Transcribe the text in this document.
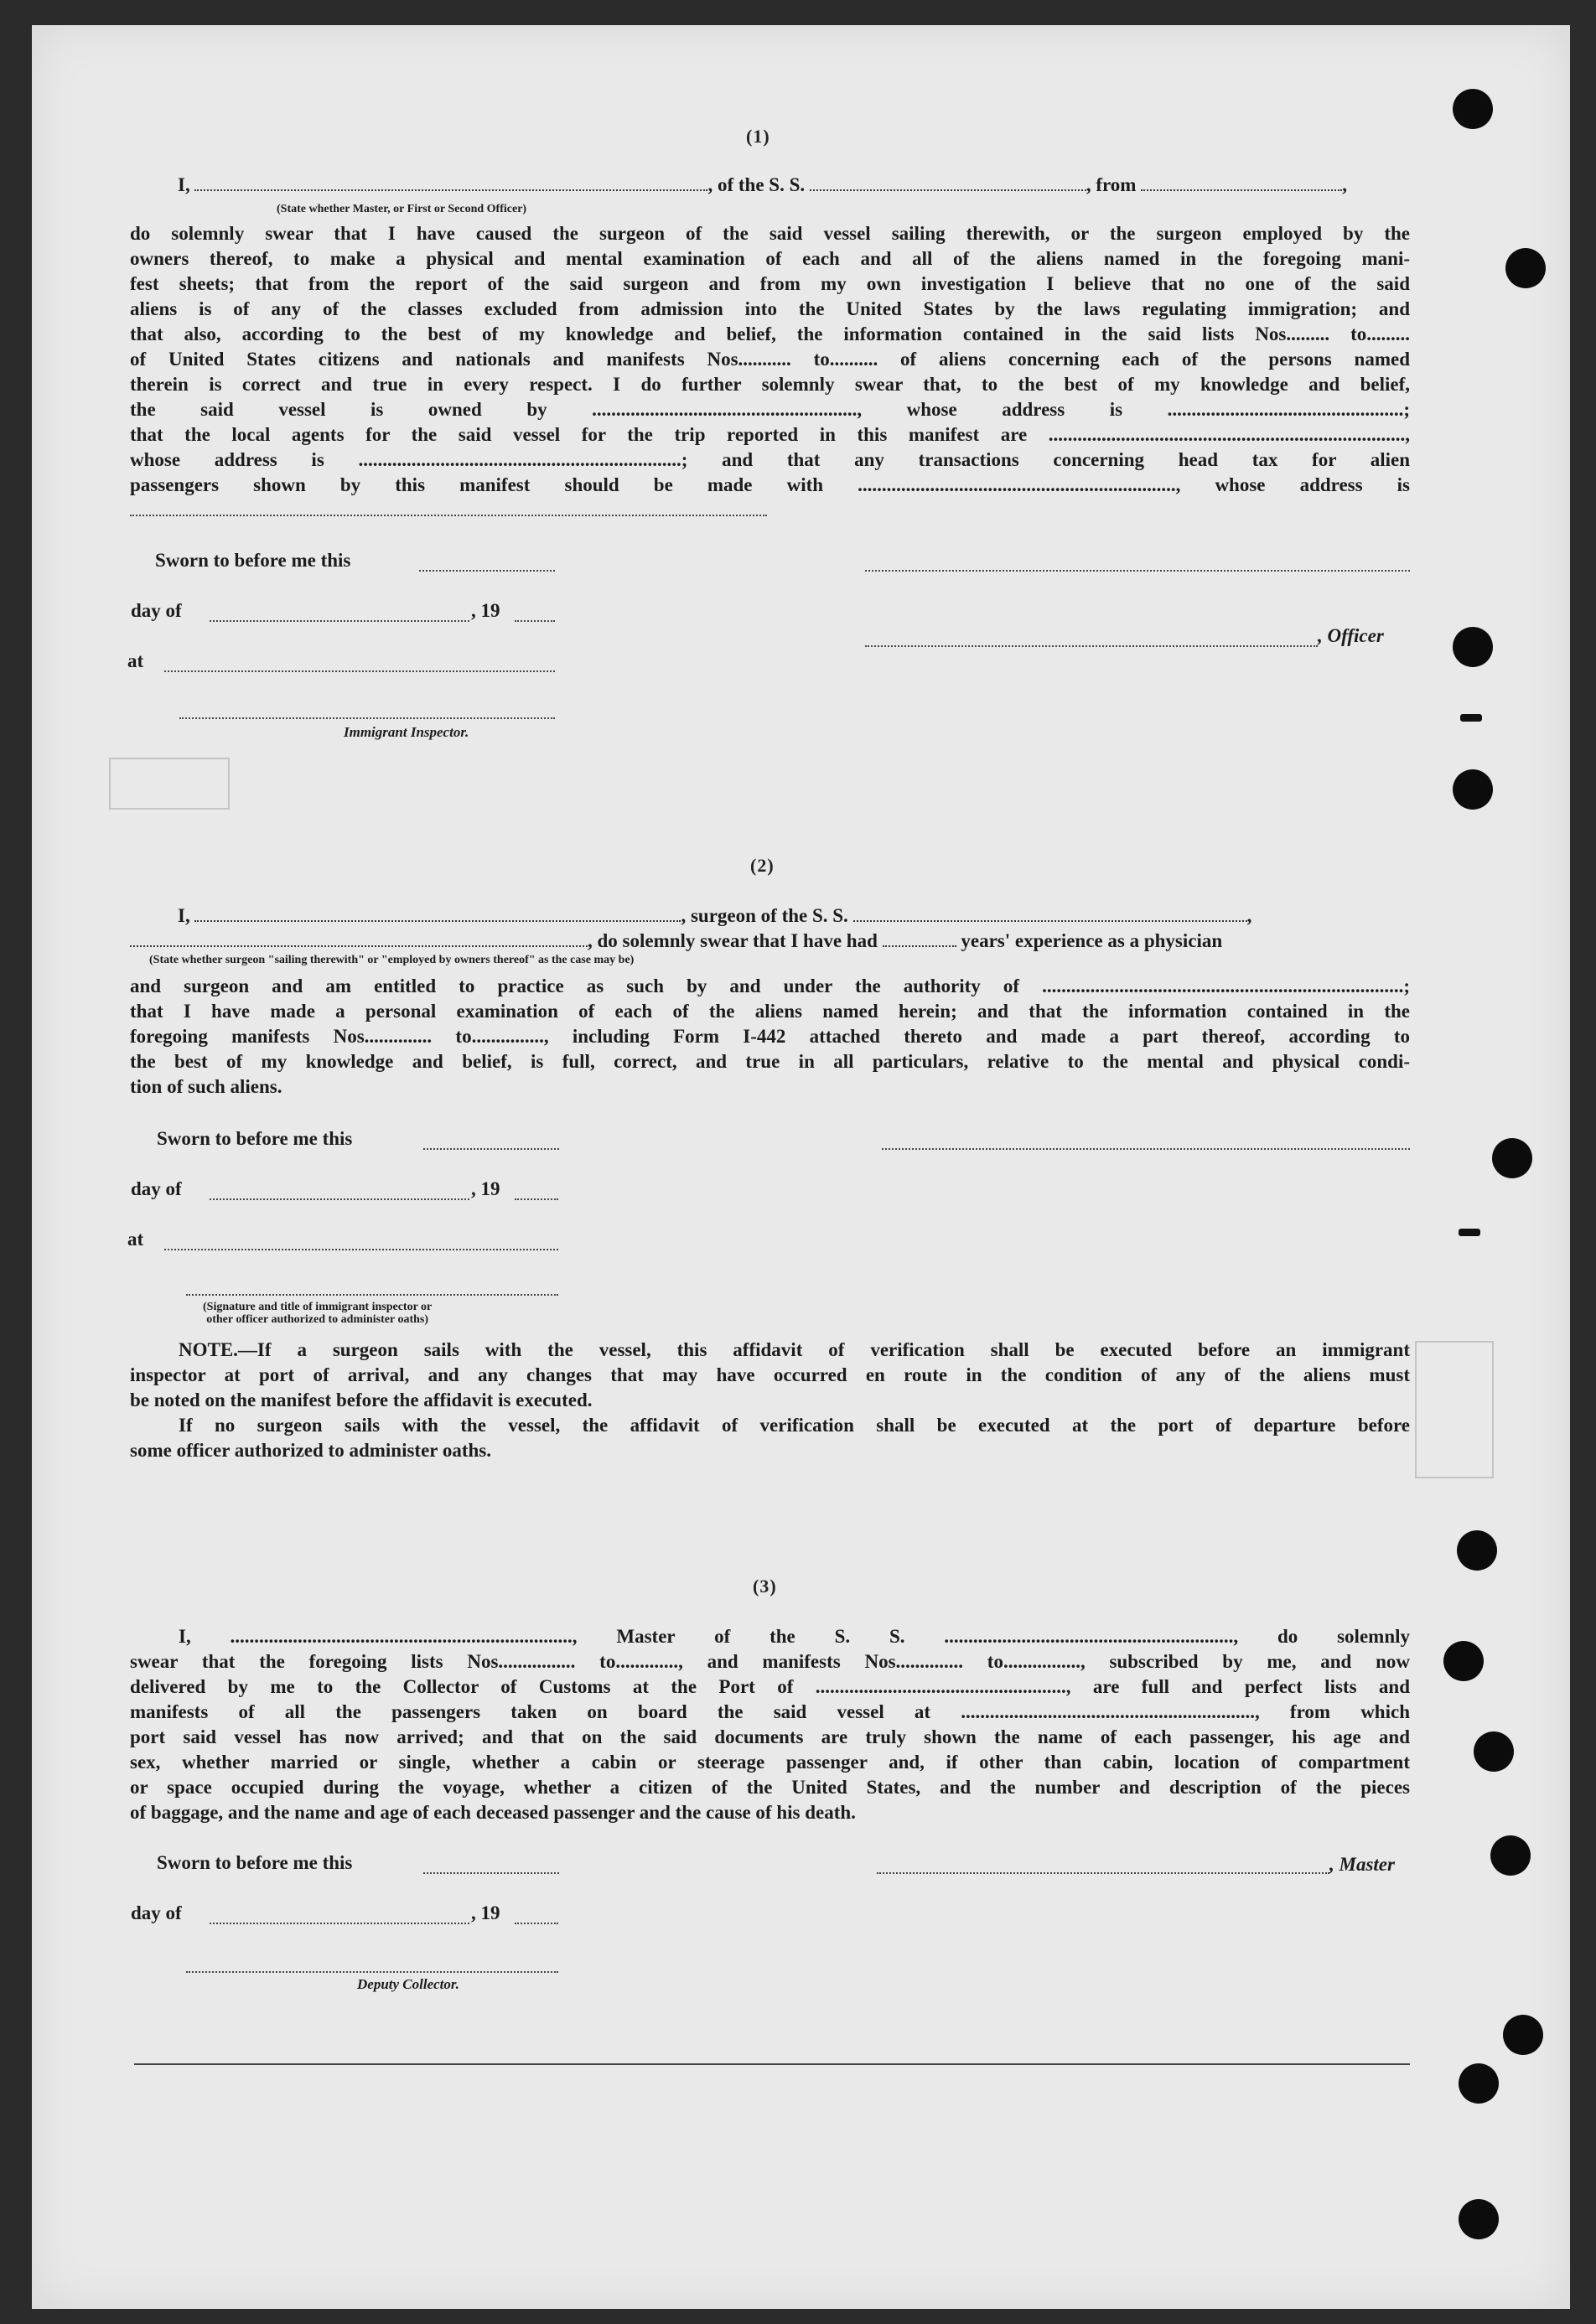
(1)
I,	, of the S. S.	, from	,
(State whether Master, or First or Second Officer)
do solemnly swear that I have caused the surgeon of the said vessel sailing therewith, or the surgeon employed by the
owners thereof, to make a physical and mental examination of each and all of the aliens named in the foregoing mani-
fest sheets; that from the report of the said surgeon and from my own investigation I believe that no one of the said
aliens is of any of the classes excluded from admission into the United States by the laws regulating immigration; and
that also, according to the best of my knowledge and belief, the information contained in the said lists Nos......... to.........
of United States citizens and nationals and manifests Nos........... to.......... of aliens concerning each of the persons named
therein is correct and true in every respect. I do further solemnly swear that, to the best of my knowledge and belief,
the said vessel is owned by ......................................................., whose address is .................................................;
that the local agents for the said vessel for the trip reported in this manifest are ..........................................................................,
whose address is ...................................................................; and that any transactions concerning head tax for alien
passengers shown by this manifest should be made with .................................................................., whose address is
Sworn to before me this
day of	, 19
, Officer
at
Immigrant Inspector.
(2)
I,	, surgeon of the S. S.	,
, do solemnly swear that I have had	years' experience as a physician
(State whether surgeon "sailing therewith" or "employed by owners thereof" as the case may be)
and surgeon and am entitled to practice as such by and under the authority of ...........................................................................;
that I have made a personal examination of each of the aliens named herein; and that the information contained in the
foregoing manifests Nos.............. to..............., including Form I-442 attached thereto and made a part thereof, according to
the best of my knowledge and belief, is full, correct, and true in all particulars, relative to the mental and physical condi-
tion of such aliens.
Sworn to before me this
day of	, 19
at
(Signature and title of immigrant inspector or
other officer authorized to administer oaths)
NOTE.—If a surgeon sails with the vessel, this affidavit of verification shall be executed before an immigrant
inspector at port of arrival, and any changes that may have occurred en route in the condition of any of the aliens must
be noted on the manifest before the affidavit is executed.
If no surgeon sails with the vessel, the affidavit of verification shall be executed at the port of departure before
some officer authorized to administer oaths.
(3)
I, ......................................................................., Master of the S. S. ............................................................, do solemnly
swear that the foregoing lists Nos................ to............., and manifests Nos.............. to................, subscribed by me, and now
delivered by me to the Collector of Customs at the Port of ...................................................., are full and perfect lists and
manifests of all the passengers taken on board the said vessel at ............................................................., from which
port said vessel has now arrived; and that on the said documents are truly shown the name of each passenger, his age and
sex, whether married or single, whether a cabin or steerage passenger and, if other than cabin, location of compartment
or space occupied during the voyage, whether a citizen of the United States, and the number and description of the pieces
of baggage, and the name and age of each deceased passenger and the cause of his death.
Sworn to before me this	, Master
day of	, 19
Deputy Collector.
